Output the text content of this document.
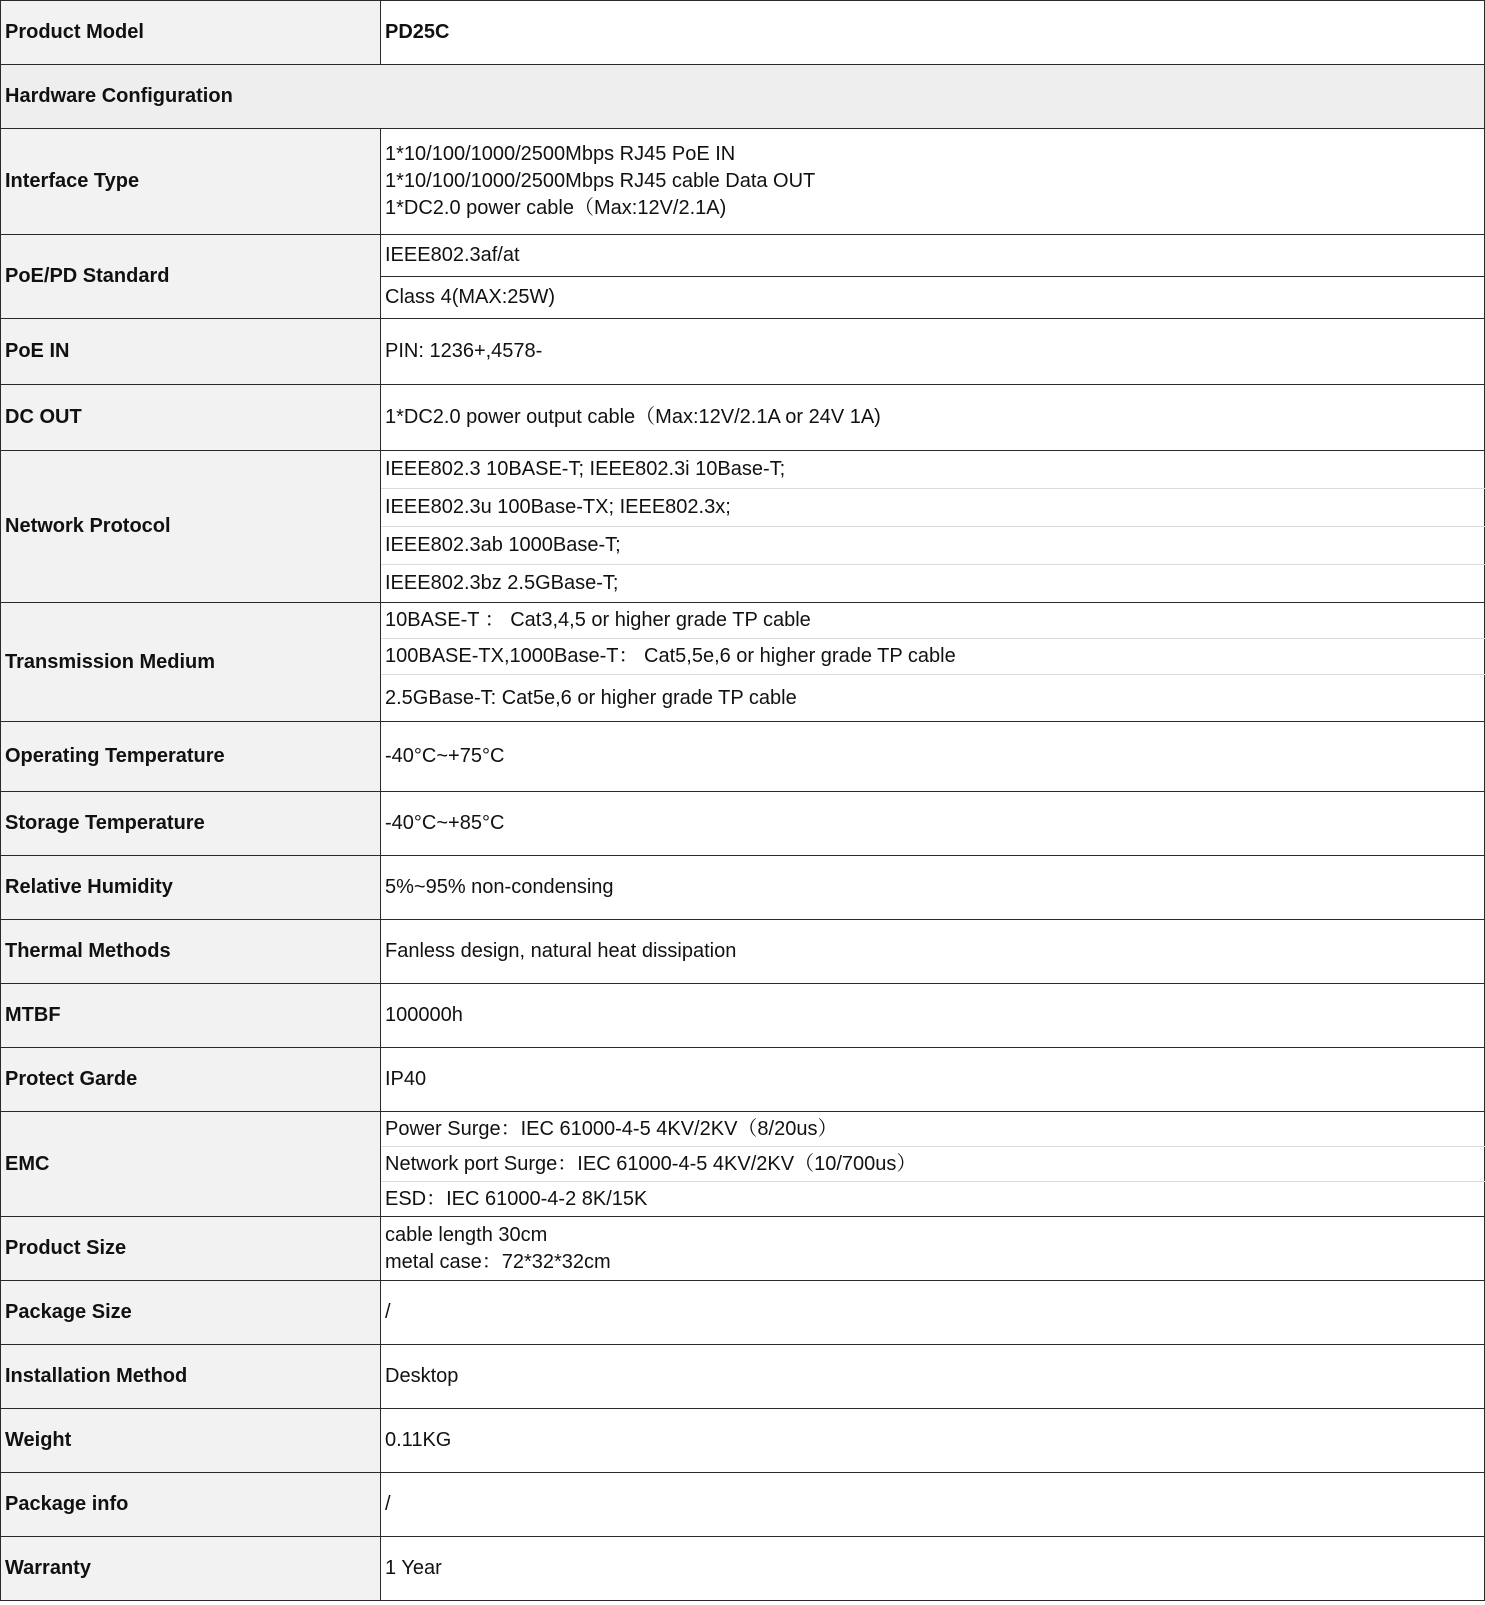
Product Model	PD25C
Hardware Configuration	
Interface Type	1*10/100/1000/2500Mbps RJ45 PoE IN
1*10/100/1000/2500Mbps RJ45 cable Data OUT
1*DC2.0 power cable（Max:12V/2.1A)

PoE/PD Standard	IEEE802.3af/at
	Class 4(MAX:25W)
PoE IN	PIN: 1236+,4578-
DC OUT	1*DC2.0 power output cable（Max:12V/2.1A or 24V 1A)
Network Protocol	IEEE802.3 10BASE-T; IEEE802.3i 10Base-T;
	IEEE802.3u 100Base-TX; IEEE802.3x;
	IEEE802.3ab 1000Base-T;
	IEEE802.3bz 2.5GBase-T;
Transmission Medium	10BASE-T ： Cat3,4,5 or higher grade TP cable
	100BASE-TX,1000Base-T： Cat5,5e,6 or higher grade TP cable
	2.5GBase-T: Cat5e,6 or higher grade TP cable
Operating Temperature	-40°C~+75°C
Storage Temperature	-40°C~+85°C
Relative Humidity	5%~95% non-condensing
Thermal Methods	Fanless design, natural heat dissipation
MTBF	100000h
Protect Garde	IP40
EMC	Power Surge：IEC 61000-4-5 4KV/2KV（8/20us）
	Network port Surge：IEC 61000-4-5 4KV/2KV（10/700us）
	ESD：IEC 61000-4-2 8K/15K
Product Size	cable length 30cm
metal case：72*32*32cm

Package Size	/
Installation Method	Desktop
Weight	0.11KG
Package info	/
Warranty	1 Year
